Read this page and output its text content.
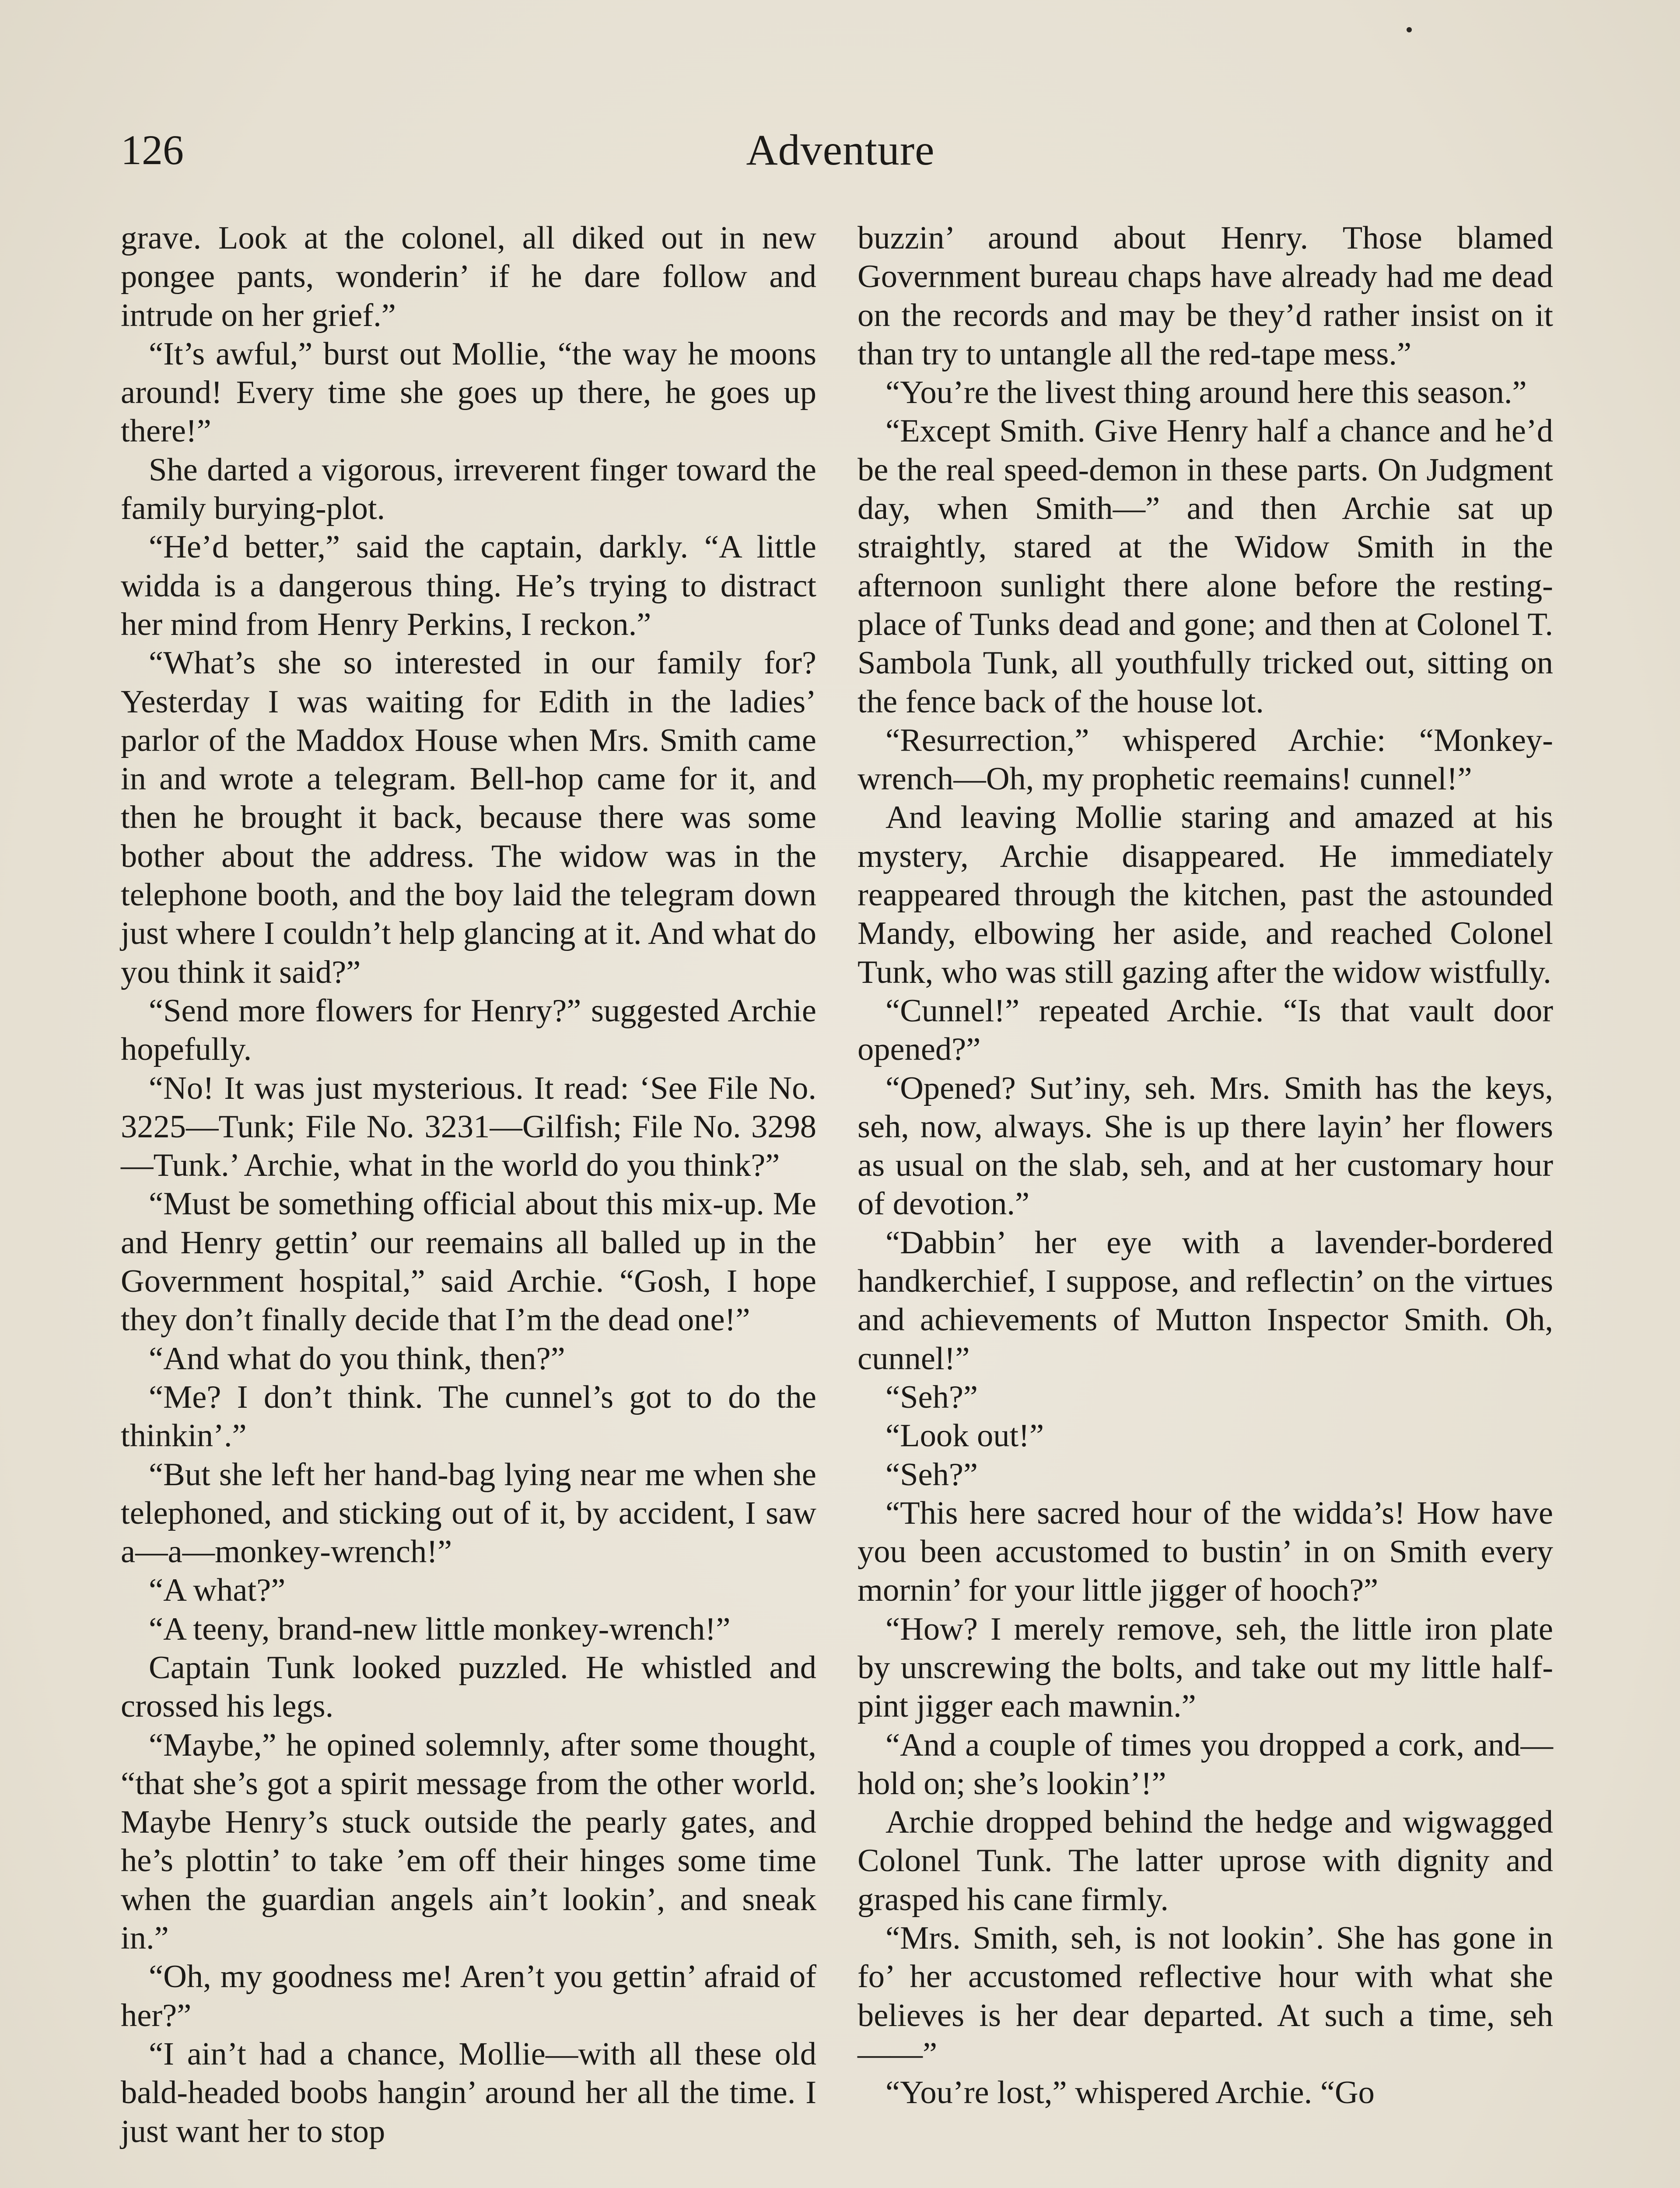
126	Adventure

grave. Look at the colonel, all diked out in new pongee pants, wonderin’ if he dare follow and intrude on her grief.”

“It’s awful,” burst out Mollie, “the way he moons around! Every time she goes up there, he goes up there!”

She darted a vigorous, irreverent finger toward the family burying-plot.

“He’d better,” said the captain, darkly. “A little widda is a dangerous thing. He’s trying to distract her mind from Henry Perkins, I reckon.”

“What’s she so interested in our family for? Yesterday I was waiting for Edith in the ladies’ parlor of the Maddox House when Mrs. Smith came in and wrote a telegram. Bell-hop came for it, and then he brought it back, because there was some bother about the address. The widow was in the telephone booth, and the boy laid the telegram down just where I couldn’t help glancing at it. And what do you think it said?”

“Send more flowers for Henry?” suggested Archie hopefully.

“No! It was just mysterious. It read: ‘See File No. 3225—Tunk; File No. 3231—Gilfish; File No. 3298—Tunk.’ Archie, what in the world do you think?”

“Must be something official about this mix-up. Me and Henry gettin’ our reemains all balled up in the Government hospital,” said Archie. “Gosh, I hope they don’t finally decide that I’m the dead one!”

“And what do you think, then?”

“Me? I don’t think. The cunnel’s got to do the thinkin’.”

“But she left her hand-bag lying near me when she telephoned, and sticking out of it, by accident, I saw a—a—monkey-wrench!”

“A what?”

“A teeny, brand-new little monkey-wrench!”

Captain Tunk looked puzzled. He whistled and crossed his legs.

“Maybe,” he opined solemnly, after some thought, “that she’s got a spirit message from the other world. Maybe Henry’s stuck outside the pearly gates, and he’s plottin’ to take ’em off their hinges some time when the guardian angels ain’t lookin’, and sneak in.”

“Oh, my goodness me! Aren’t you gettin’ afraid of her?”

“I ain’t had a chance, Mollie—with all these old bald-headed boobs hangin’ around her all the time. I just want her to stop

buzzin’ around about Henry. Those blamed Government bureau chaps have already had me dead on the records and may be they’d rather insist on it than try to untangle all the red-tape mess.”

“You’re the livest thing around here this season.”

“Except Smith. Give Henry half a chance and he’d be the real speed-demon in these parts. On Judgment day, when Smith—” and then Archie sat up straightly, stared at the Widow Smith in the afternoon sunlight there alone before the resting-place of Tunks dead and gone; and then at Colonel T. Sambola Tunk, all youthfully tricked out, sitting on the fence back of the house lot.

“Resurrection,” whispered Archie: “Monkey-wrench—Oh, my prophetic reemains! cunnel!”

And leaving Mollie staring and amazed at his mystery, Archie disappeared. He immediately reappeared through the kitchen, past the astounded Mandy, elbowing her aside, and reached Colonel Tunk, who was still gazing after the widow wistfully.

“Cunnel!” repeated Archie. “Is that vault door opened?”

“Opened? Sut’iny, seh. Mrs. Smith has the keys, seh, now, always. She is up there layin’ her flowers as usual on the slab, seh, and at her customary hour of devotion.”

“Dabbin’ her eye with a lavender-bordered handkerchief, I suppose, and reflectin’ on the virtues and achievements of Mutton Inspector Smith. Oh, cunnel!”

“Seh?”

“Look out!”

“Seh?”

“This here sacred hour of the widda’s! How have you been accustomed to bustin’ in on Smith every mornin’ for your little jigger of hooch?”

“How? I merely remove, seh, the little iron plate by unscrewing the bolts, and take out my little half-pint jigger each mawnin.”

“And a couple of times you dropped a cork, and—hold on; she’s lookin’!”

Archie dropped behind the hedge and wigwagged Colonel Tunk. The latter uprose with dignity and grasped his cane firmly.

“Mrs. Smith, seh, is not lookin’. She has gone in fo’ her accustomed reflective hour with what she believes is her dear departed. At such a time, seh——”

“You’re lost,” whispered Archie. “Go
